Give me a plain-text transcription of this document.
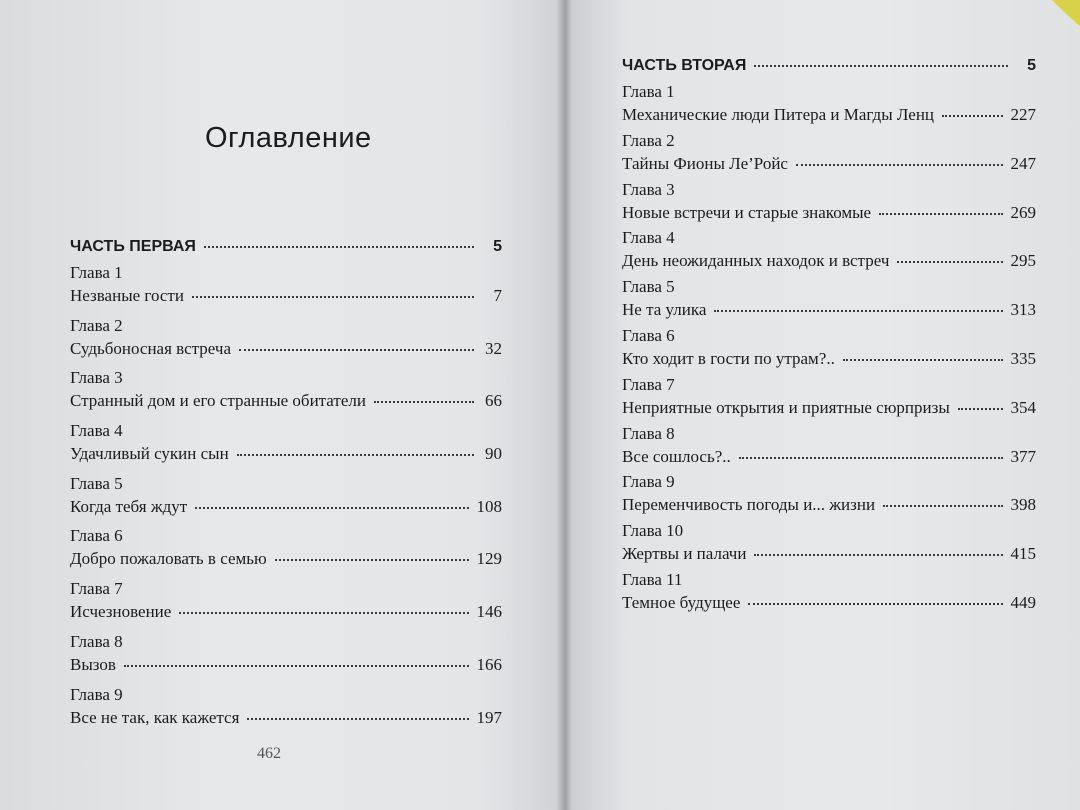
Оглавление
ЧАСТЬ ПЕРВАЯ	5
Глава 1
Незваные гости	7
Глава 2
Судьбоносная встреча	32
Глава 3
Странный дом и его странные обитатели	66
Глава 4
Удачливый сукин сын	90
Глава 5
Когда тебя ждут	108
Глава 6
Добро пожаловать в семью	129
Глава 7
Исчезновение	146
Глава 8
Вызов	166
Глава 9
Все не так, как кажется	197
ЧАСТЬ ВТОРАЯ	5
Глава 1
Механические люди Питера и Магды Ленц	227
Глава 2
Тайны Фионы Ле’Ройс	247
Глава 3
Новые встречи и старые знакомые	269
Глава 4
День неожиданных находок и встреч	295
Глава 5
Не та улика	313
Глава 6
Кто ходит в гости по утрам?..	335
Глава 7
Неприятные открытия и приятные сюрпризы	354
Глава 8
Все сошлось?..	377
Глава 9
Переменчивость погоды и... жизни	398
Глава 10
Жертвы и палачи	415
Глава 11
Темное будущее	449
462
